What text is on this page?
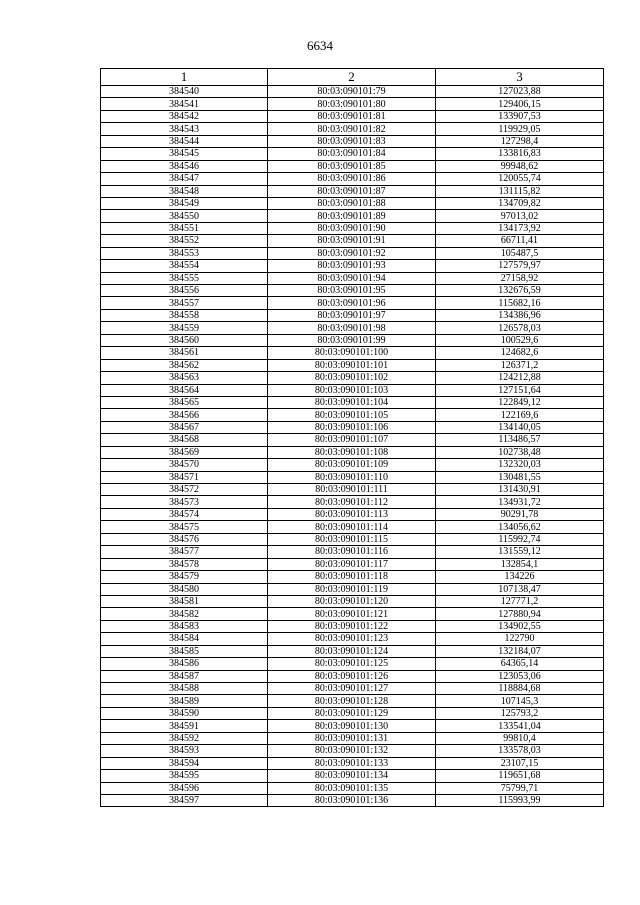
6634
1	2	3
384540	80:03:090101:79	127023,88
384541	80:03:090101:80	129406,15
384542	80:03:090101:81	133907,53
384543	80:03:090101:82	119929,05
384544	80:03:090101:83	127298,4
384545	80:03:090101:84	133816,83
384546	80:03:090101:85	99948,62
384547	80:03:090101:86	120055,74
384548	80:03:090101:87	131115,82
384549	80:03:090101:88	134709,82
384550	80:03:090101:89	97013,02
384551	80:03:090101:90	134173,92
384552	80:03:090101:91	66711,41
384553	80:03:090101:92	105487,5
384554	80:03:090101:93	127579,97
384555	80:03:090101:94	27158,92
384556	80:03:090101:95	132676,59
384557	80:03:090101:96	115682,16
384558	80:03:090101:97	134386,96
384559	80:03:090101:98	126578,03
384560	80:03:090101:99	100529,6
384561	80:03:090101:100	124682,6
384562	80:03:090101:101	126371,2
384563	80:03:090101:102	124212,88
384564	80:03:090101:103	127151,64
384565	80:03:090101:104	122849,12
384566	80:03:090101:105	122169,6
384567	80:03:090101:106	134140,05
384568	80:03:090101:107	113486,57
384569	80:03:090101:108	102738,48
384570	80:03:090101:109	132320,03
384571	80:03:090101:110	130481,55
384572	80:03:090101:111	131430,91
384573	80:03:090101:112	134931,72
384574	80:03:090101:113	90291,78
384575	80:03:090101:114	134056,62
384576	80:03:090101:115	115992,74
384577	80:03:090101:116	131559,12
384578	80:03:090101:117	132854,1
384579	80:03:090101:118	134226
384580	80:03:090101:119	107138,47
384581	80:03:090101:120	127771,2
384582	80:03:090101:121	127880,94
384583	80:03:090101:122	134902,55
384584	80:03:090101:123	122790
384585	80:03:090101:124	132184,07
384586	80:03:090101:125	64365,14
384587	80:03:090101:126	123053,06
384588	80:03:090101:127	118884,68
384589	80:03:090101:128	107145,3
384590	80:03:090101:129	125793,2
384591	80:03:090101:130	133541,04
384592	80:03:090101:131	99810,4
384593	80:03:090101:132	133578,03
384594	80:03:090101:133	23107,15
384595	80:03:090101:134	119651,68
384596	80:03:090101:135	75799,71
384597	80:03:090101:136	115993,99
